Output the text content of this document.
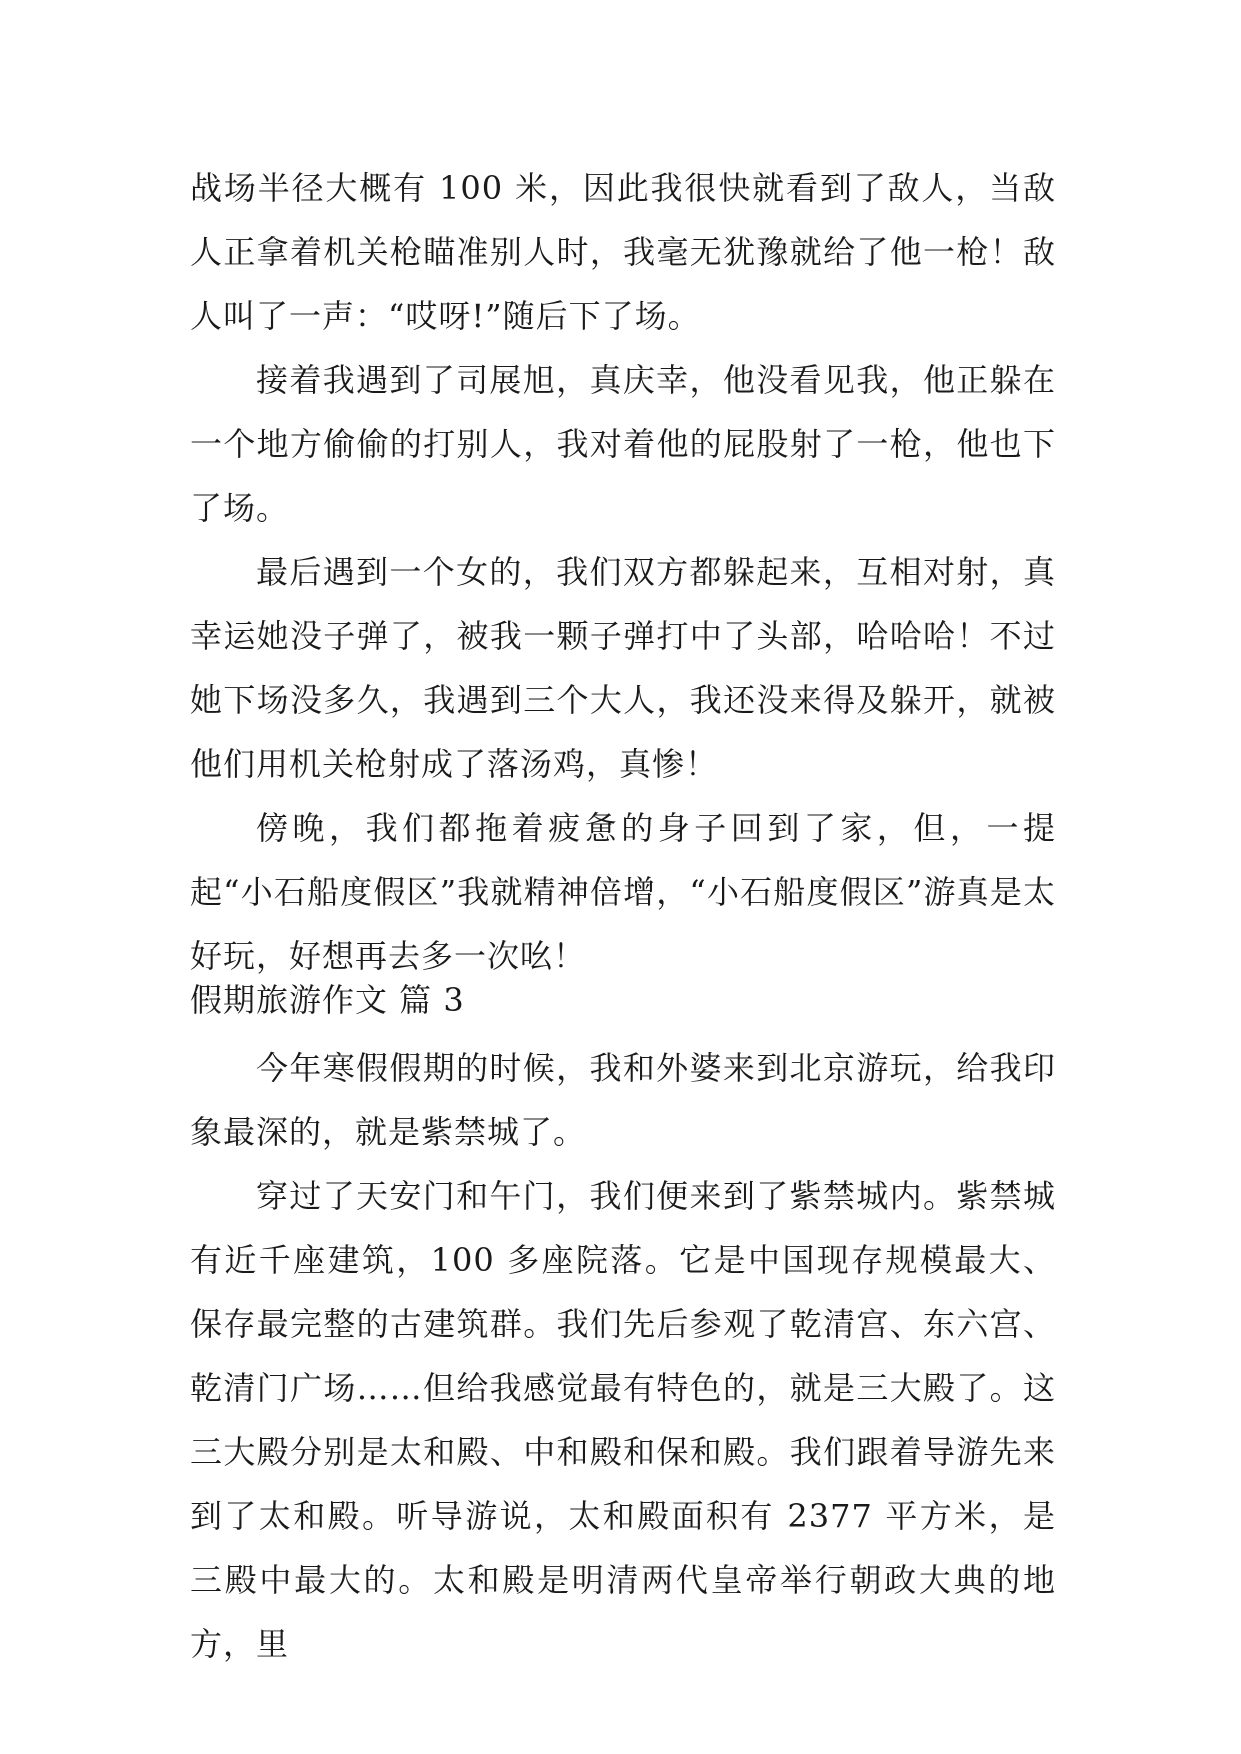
战场半径大概有 100 米，因此我很快就看到了敌人，当敌人正拿着机关枪瞄准别人时，我毫无犹豫就给了他一枪！敌人叫了一声：“哎呀!”随后下了场。

接着我遇到了司展旭，真庆幸，他没看见我，他正躲在一个地方偷偷的打别人，我对着他的屁股射了一枪，他也下了场。

最后遇到一个女的，我们双方都躲起来，互相对射，真幸运她没子弹了，被我一颗子弹打中了头部，哈哈哈！不过她下场没多久，我遇到三个大人，我还没来得及躲开，就被他们用机关枪射成了落汤鸡，真惨！

傍晚，我们都拖着疲惫的身子回到了家，但，一提起“小石船度假区”我就精神倍增，“小石船度假区”游真是太好玩，好想再去多一次吆！

假期旅游作文 篇 3

今年寒假假期的时候，我和外婆来到北京游玩，给我印象最深的，就是紫禁城了。

穿过了天安门和午门，我们便来到了紫禁城内。紫禁城有近千座建筑，100 多座院落。它是中国现存规模最大、保存最完整的古建筑群。我们先后参观了乾清宫、东六宫、乾清门广场……但给我感觉最有特色的，就是三大殿了。这三大殿分别是太和殿、中和殿和保和殿。我们跟着导游先来到了太和殿。听导游说，太和殿面积有 2377 平方米，是三殿中最大的。太和殿是明清两代皇帝举行朝政大典的地方，里
